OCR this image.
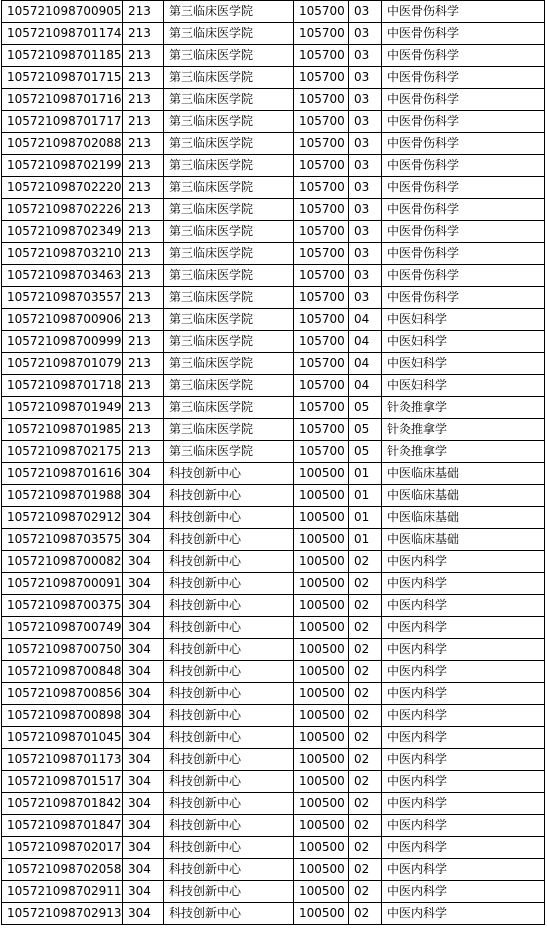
105721098700905	213	第三临床医学院	105700	03	中医骨伤科学
105721098701174	213	第三临床医学院	105700	03	中医骨伤科学
105721098701185	213	第三临床医学院	105700	03	中医骨伤科学
105721098701715	213	第三临床医学院	105700	03	中医骨伤科学
105721098701716	213	第三临床医学院	105700	03	中医骨伤科学
105721098701717	213	第三临床医学院	105700	03	中医骨伤科学
105721098702088	213	第三临床医学院	105700	03	中医骨伤科学
105721098702199	213	第三临床医学院	105700	03	中医骨伤科学
105721098702220	213	第三临床医学院	105700	03	中医骨伤科学
105721098702226	213	第三临床医学院	105700	03	中医骨伤科学
105721098702349	213	第三临床医学院	105700	03	中医骨伤科学
105721098703210	213	第三临床医学院	105700	03	中医骨伤科学
105721098703463	213	第三临床医学院	105700	03	中医骨伤科学
105721098703557	213	第三临床医学院	105700	03	中医骨伤科学
105721098700906	213	第三临床医学院	105700	04	中医妇科学
105721098700999	213	第三临床医学院	105700	04	中医妇科学
105721098701079	213	第三临床医学院	105700	04	中医妇科学
105721098701718	213	第三临床医学院	105700	04	中医妇科学
105721098701949	213	第三临床医学院	105700	05	针灸推拿学
105721098701985	213	第三临床医学院	105700	05	针灸推拿学
105721098702175	213	第三临床医学院	105700	05	针灸推拿学
105721098701616	304	科技创新中心	100500	01	中医临床基础
105721098701988	304	科技创新中心	100500	01	中医临床基础
105721098702912	304	科技创新中心	100500	01	中医临床基础
105721098703575	304	科技创新中心	100500	01	中医临床基础
105721098700082	304	科技创新中心	100500	02	中医内科学
105721098700091	304	科技创新中心	100500	02	中医内科学
105721098700375	304	科技创新中心	100500	02	中医内科学
105721098700749	304	科技创新中心	100500	02	中医内科学
105721098700750	304	科技创新中心	100500	02	中医内科学
105721098700848	304	科技创新中心	100500	02	中医内科学
105721098700856	304	科技创新中心	100500	02	中医内科学
105721098700898	304	科技创新中心	100500	02	中医内科学
105721098701045	304	科技创新中心	100500	02	中医内科学
105721098701173	304	科技创新中心	100500	02	中医内科学
105721098701517	304	科技创新中心	100500	02	中医内科学
105721098701842	304	科技创新中心	100500	02	中医内科学
105721098701847	304	科技创新中心	100500	02	中医内科学
105721098702017	304	科技创新中心	100500	02	中医内科学
105721098702058	304	科技创新中心	100500	02	中医内科学
105721098702911	304	科技创新中心	100500	02	中医内科学
105721098702913	304	科技创新中心	100500	02	中医内科学
